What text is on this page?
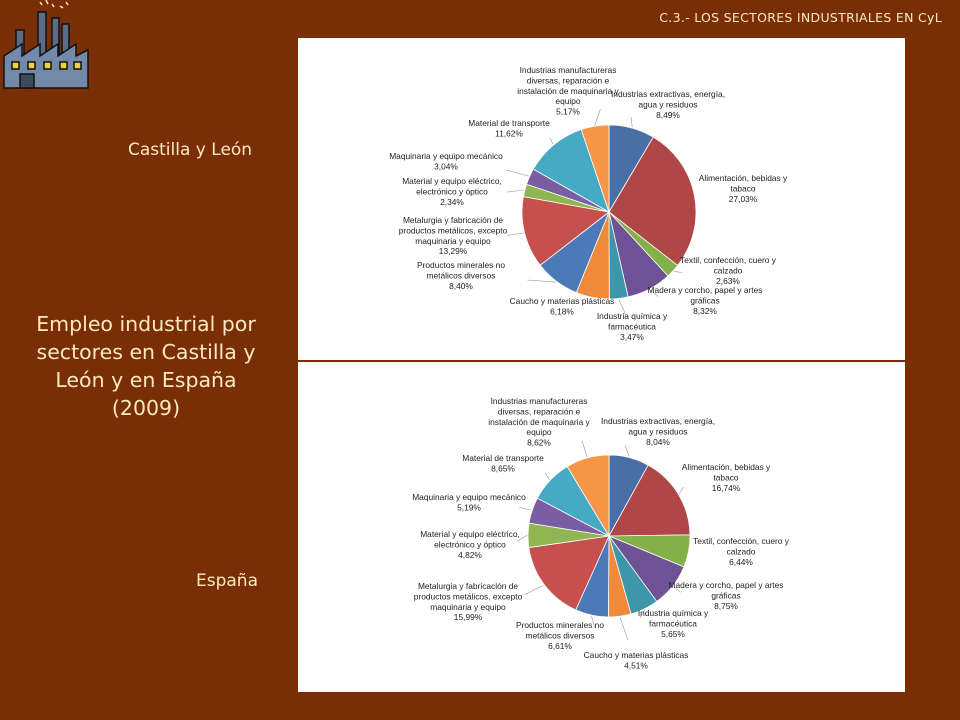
C.3.- LOS SECTORES INDUSTRIALES EN CyL
Castilla y León
Empleo industrial por sectores en Castilla y León y en España (2009)
España
Industrias extractivas, energía, agua y residuos
8,49%
Alimentación, bebidas y tabaco
27,03%
Textil, confección, cuero y calzado
2,63%
Madera y corcho, papel y artes gráficas
8,32%
Industria química y farmacéutica
3,47%
Caucho y materias plásticas
6,18%
Productos minerales no metálicos diversos
8,40%
Metalurgia y fabricación de productos metálicos, excepto maquinaria y equipo
13,29%
Material y equipo eléctrico, electrónico y óptico
2,34%
Maquinaria y equipo mecánico
3,04%
Material de transporte
11,62%
Industrias manufactureras diversas, reparación e instalación de maquinaria y equipo
5,17%
Industrias extractivas, energía, agua y residuos
8,04%
Alimentación, bebidas y tabaco
16,74%
Textil, confección, cuero y calzado
6,44%
Madera y corcho, papel y artes gráficas
8,75%
Industria química y farmacéutica
5,65%
Caucho y materias plásticas
4,51%
Productos minerales no metálicos diversos
6,61%
Metalurgia y fabricación de productos metálicos, excepto maquinaria y equipo
15,99%
Material y equipo eléctrico, electrónico y óptico
4,82%
Maquinaria y equipo mecánico
5,19%
Material de transporte
8,65%
Industrias manufactureras diversas, reparación e instalación de maquinaria y equipo
8,62%
